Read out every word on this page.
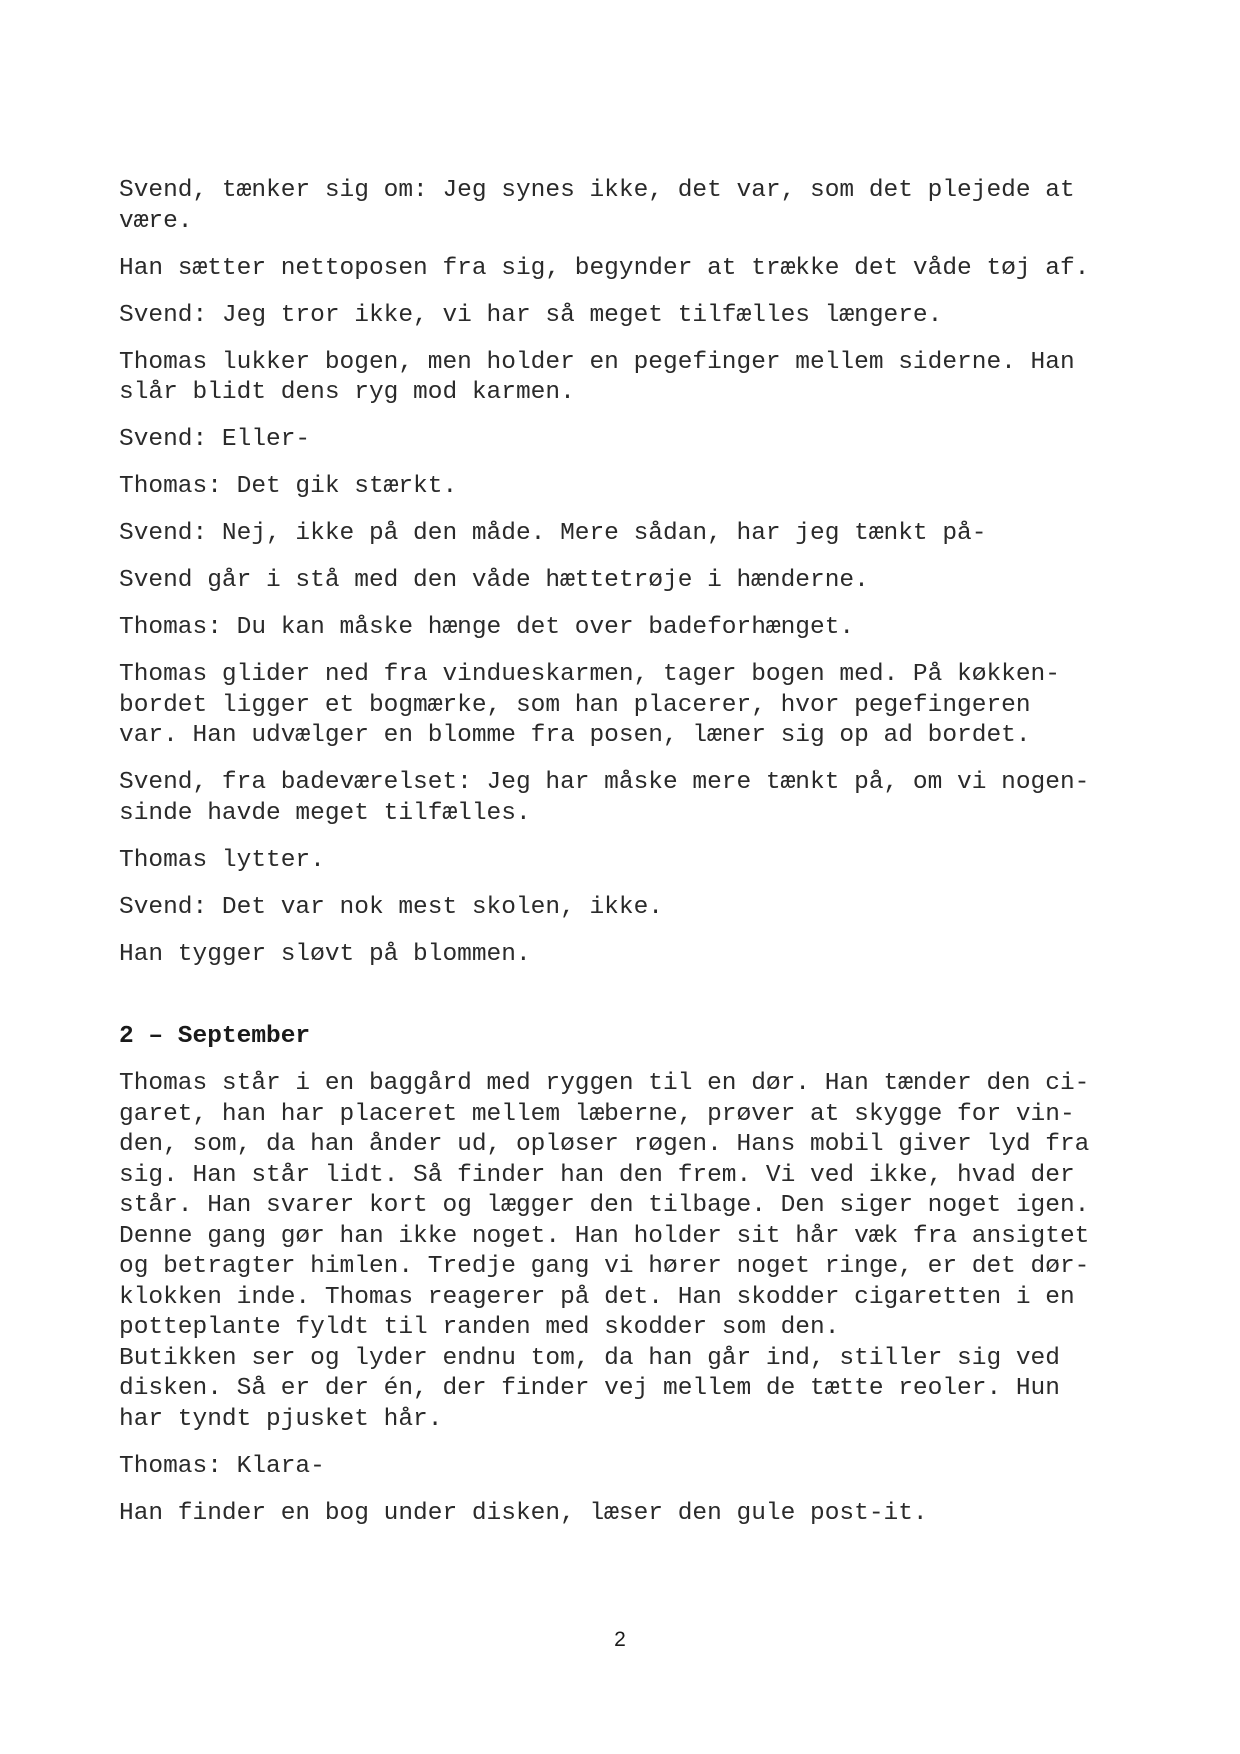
Svend, tænker sig om: Jeg synes ikke, det var, som det plejede at
være.
Han sætter nettoposen fra sig, begynder at trække det våde tøj af.
Svend: Jeg tror ikke, vi har så meget tilfælles længere.
Thomas lukker bogen, men holder en pegefinger mellem siderne. Han
slår blidt dens ryg mod karmen.
Svend: Eller-
Thomas: Det gik stærkt.
Svend: Nej, ikke på den måde. Mere sådan, har jeg tænkt på-
Svend går i stå med den våde hættetrøje i hænderne.
Thomas: Du kan måske hænge det over badeforhænget.
Thomas glider ned fra vindueskarmen, tager bogen med. På køkken-
bordet ligger et bogmærke, som han placerer, hvor pegefingeren
var. Han udvælger en blomme fra posen, læner sig op ad bordet.
Svend, fra badeværelset: Jeg har måske mere tænkt på, om vi nogen-
sinde havde meget tilfælles.
Thomas lytter.
Svend: Det var nok mest skolen, ikke.
Han tygger sløvt på blommen.
2 – September
Thomas står i en baggård med ryggen til en dør. Han tænder den ci-
garet, han har placeret mellem læberne, prøver at skygge for vin-
den, som, da han ånder ud, opløser røgen. Hans mobil giver lyd fra
sig. Han står lidt. Så finder han den frem. Vi ved ikke, hvad der
står. Han svarer kort og lægger den tilbage. Den siger noget igen.
Denne gang gør han ikke noget. Han holder sit hår væk fra ansigtet
og betragter himlen. Tredje gang vi hører noget ringe, er det dør-
klokken inde. Thomas reagerer på det. Han skodder cigaretten i en
potteplante fyldt til randen med skodder som den.
Butikken ser og lyder endnu tom, da han går ind, stiller sig ved
disken. Så er der én, der finder vej mellem de tætte reoler. Hun
har tyndt pjusket hår.
Thomas: Klara-
Han finder en bog under disken, læser den gule post-it.
2
